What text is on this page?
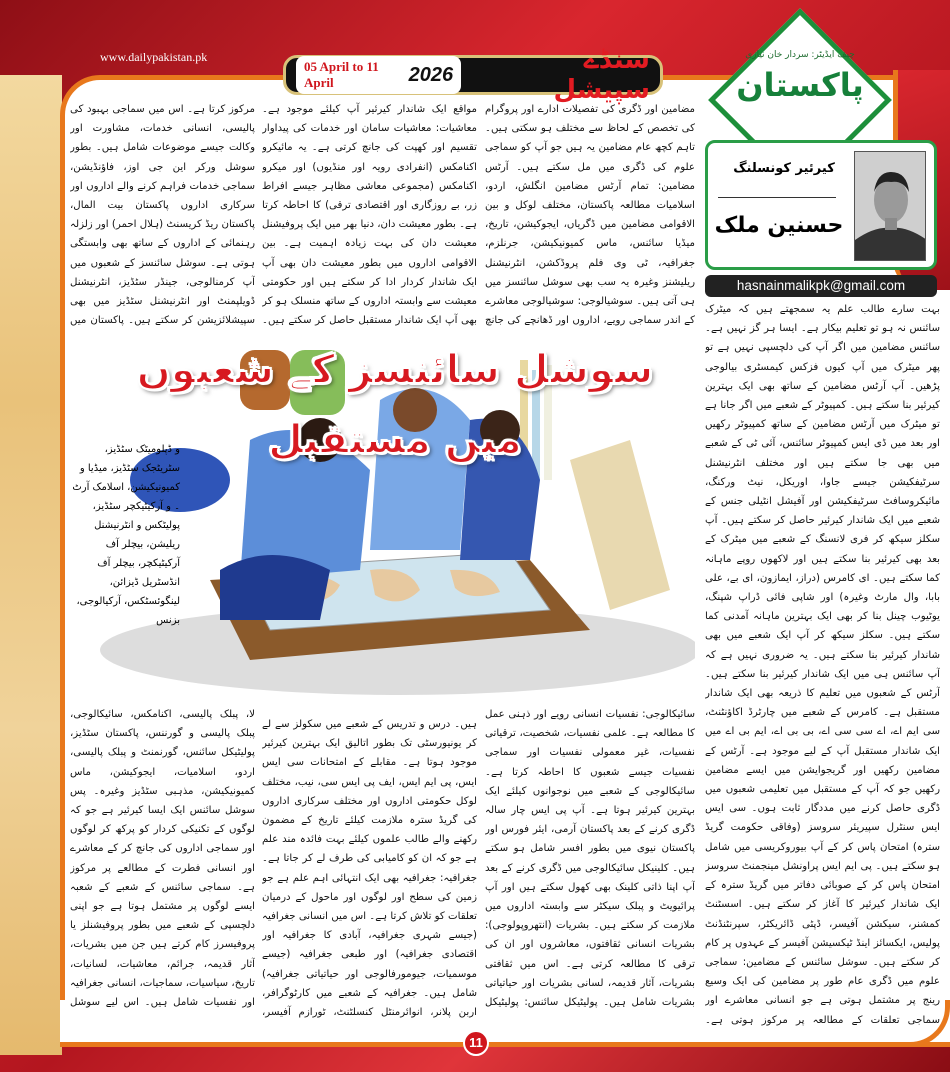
www.dailypakistan.pk
05 April to 11 April	2026	سنڈے سپیشل
چیف ایڈیٹر: سردار خان نیازی
پاکستان
کیرئیر کونسلنگ
حسنین ملک
hasnainmalikpk@gmail.com
بہت سارے طالب علم یہ سمجھتے ہیں کہ میٹرک سائنس نہ ہو تو تعلیم بیکار ہے۔ ایسا ہر گز نہیں ہے۔ سائنس مضامین میں اگر آپ کی دلچسپی نہیں ہے تو پھر میٹرک میں آپ کیوں فزکس کیمسٹری بیالوجی پڑھیں۔ آپ آرٹس مضامین کے ساتھ بھی ایک بہترین کیرئیر بنا سکتے ہیں۔ کمپیوٹر کے شعبے میں اگر جانا ہے تو میٹرک میں آرٹس مضامین کے ساتھ کمپیوٹر رکھیں اور بعد میں ڈی ایس کمپیوٹر سائنس، آئی ٹی کے شعبے میں بھی جا سکتے ہیں اور مختلف انٹرنیشنل سرٹیفکیشن جیسے جاوا، اوریکل، نیٹ ورکنگ، مائیکروسافٹ سرٹیفکیشن اور آفیشل انٹیلی جنس کے شعبے میں ایک شاندار کیرئیر حاصل کر سکتے ہیں۔ آپ سکلز سیکھ کر فری لانسنگ کے شعبے میں میٹرک کے بعد بھی کیرئیر بنا سکتے ہیں اور لاکھوں روپے ماہانہ کما سکتے ہیں۔ ای کامرس (دراز، ایمازون، ای بے، علی بابا، وال مارٹ وغیرہ) اور شاپی فائی ڈراپ شپنگ، یوٹیوب چینل بنا کر بھی ایک بہترین ماہانہ آمدنی کما سکتے ہیں۔ سکلز سیکھ کر آپ ایک شعبے میں بھی شاندار کیرئیر بنا سکتے ہیں۔ یہ ضروری نہیں ہے کہ آپ سائنس ہی میں ایک شاندار کیرئیر بنا سکتے ہیں۔ آرٹس کے شعبوں میں تعلیم کا ذریعہ بھی ایک شاندار مستقبل ہے۔ کامرس کے شعبے میں چارٹرڈ اکاؤنٹنٹ، سی ایم اے، اے سی سی اے، بی بی اے، ایم بی اے میں ایک شاندار مستقبل آپ کے لیے موجود ہے۔ آرٹس کے مضامین رکھیں اور گریجوایشن میں ایسے مضامین رکھیں جو کہ آپ کے مستقبل میں تعلیمی شعبوں میں ڈگری حاصل کرنے میں مددگار ثابت ہوں۔ سی ایس ایس سنٹرل سپیریئر سروسز (وفاقی حکومت گریڈ سترہ) امتحان پاس کر کے آپ بیوروکریسی میں شامل ہو سکتے ہیں۔ پی ایم ایس پراونشل مینجمنٹ سروسز امتحان پاس کر کے صوبائی دفاتر میں گریڈ سترہ کے ایک شاندار کیرئیر کا آغاز کر سکتے ہیں۔ اسسٹنٹ کمشنر، سیکشن آفیسر، ڈپٹی ڈائریکٹر، سپرنٹنڈنٹ پولیس، ایکسائز اینڈ ٹیکسیشن آفیسر کے عہدوں پر کام کر سکتے ہیں۔ سوشل سائنس کے مضامین: سماجی علوم میں ڈگری عام طور پر مضامین کی ایک وسیع رینج پر مشتمل ہوتی ہے جو انسانی معاشرے اور سماجی تعلقات کے مطالعہ پر مرکوز ہوتی ہے۔
مضامین اور ڈگری کی تفصیلات ادارے اور پروگرام کی تخصص کے لحاظ سے مختلف ہو سکتی ہیں۔ تاہم کچھ عام مضامین یہ ہیں جو آپ کو سماجی علوم کی ڈگری میں مل سکتے ہیں۔ آرٹس مضامین: تمام آرٹس مضامین انگلش، اردو، اسلامیات مطالعہ پاکستان، مختلف لوکل و بین الاقوامی مضامین میں ڈگریاں، ایجوکیشن، تاریخ، میڈیا سائنس، ماس کمیونیکیشن، جرنلزم، جغرافیہ، ٹی وی فلم پروڈکشن، انٹرنیشنل ریلیشنز وغیرہ یہ سب بھی سوشل سائنسز میں ہی آتی ہیں۔ سوشیالوجی: سوشیالوجی معاشرے کے اندر سماجی رویے، اداروں اور ڈھانچے کی جانچ
مواقع ایک شاندار کیرئیر آپ کیلئے موجود ہے۔ معاشیات: معاشیات سامان اور خدمات کی پیداوار تقسیم اور کھپت کی جانچ کرتی ہے۔ یہ مائیکرو اکنامکس (انفرادی رویہ اور منڈیوں) اور میکرو اکنامکس (مجموعی معاشی مظاہر جیسے افراط زر، بے روزگاری اور اقتصادی ترقی) کا احاطہ کرتا ہے۔ بطور معیشت دان، دنیا بھر میں ایک پروفیشنل معیشت دان کی بہت زیادہ اہمیت ہے۔ بین الاقوامی اداروں میں بطور معیشت دان بھی آپ ایک شاندار کردار ادا کر سکتے ہیں اور حکومتی معیشت سے وابستہ اداروں کے ساتھ منسلک ہو کر بھی آپ ایک شاندار مستقبل حاصل کر سکتے ہیں۔
مرکوز کرتا ہے۔ اس میں سماجی بہبود کی پالیسی، انسانی خدمات، مشاورت اور وکالت جیسے موضوعات شامل ہیں۔ بطور سوشل ورکر این جی اوز، فاؤنڈیشن، سماجی خدمات فراہم کرنے والے اداروں اور سرکاری اداروں پاکستان بیت المال، پاکستان ریڈ کریسنٹ (ہلال احمر) اور زلزلہ رہنمائی کے اداروں کے ساتھ بھی وابستگی ہوتی ہے۔ سوشل سائنسز کے شعبوں میں آپ کرمنالوجی، جینڈر سٹڈیز، انٹرنیشنل ڈویلپمنٹ اور انٹرنیشنل سٹڈیز میں بھی سپیشلائزیشن کر سکتے ہیں۔ پاکستان میں
سوشل سائنسز کے شعبوں میں مستقبل
و ڈپلومیٹک سٹڈیز، سٹریٹجک سٹڈیز، میڈیا و کمیونیکیشن، اسلامک آرٹ ۔ و آرکیٹیکچر سٹڈیز، پولیٹکس و انٹرنیشنل ریلیشن، بیچلر آف آرکیٹیکچر، بیچلر آف انڈسٹریل ڈیزائن، لینگوئسٹکس، آرکیالوجی، بزنس
سائیکالوجی: نفسیات انسانی رویے اور ذہنی عمل کا مطالعہ ہے۔ علمی نفسیات، شخصیت، ترقیاتی نفسیات، غیر معمولی نفسیات اور سماجی نفسیات جیسے شعبوں کا احاطہ کرتا ہے۔ سائیکالوجی کے شعبے میں نوجوانوں کیلئے ایک بہترین کیرئیر ہوتا ہے۔ آپ پی ایس چار سالہ ڈگری کرنے کے بعد پاکستان آرمی، ایئر فورس اور پاکستان نیوی میں بطور افسر شامل ہو سکتے ہیں۔ کلینیکل سائیکالوجی میں ڈگری کرنے کے بعد آپ اپنا ذاتی کلینک بھی کھول سکتے ہیں اور آپ پرائیویٹ و پبلک سیکٹر سے وابستہ اداروں میں ملازمت کر سکتے ہیں۔ بشریات (انتھروپولوجی): بشریات انسانی ثقافتوں، معاشروں اور ان کی ترقی کا مطالعہ کرتی ہے۔ اس میں ثقافتی بشریات، آثار قدیمہ، لسانی بشریات اور حیاتیاتی بشریات شامل ہیں۔ پولیٹیکل سائنس: پولیٹیکل
ہیں۔ درس و تدریس کے شعبے میں سکولز سے لے کر یونیورسٹی تک بطور اتالیق ایک بہترین کیرئیر موجود ہوتا ہے۔ مقابلے کے امتحانات سی ایس ایس، پی ایم ایس، ایف پی ایس سی، نیب، مختلف لوکل حکومتی اداروں اور مختلف سرکاری اداروں کی گریڈ سترہ ملازمت کیلئے تاریخ کے مضمون رکھنے والے طالب علموں کیلئے بہت فائدہ مند علم ہے جو کہ ان کو کامیابی کی طرف لے کر جاتا ہے۔ جغرافیہ: جغرافیہ بھی ایک انتہائی اہم علم ہے جو زمین کی سطح اور لوگوں اور ماحول کے درمیان تعلقات کو تلاش کرتا ہے۔ اس میں انسانی جغرافیہ (جیسے شہری جغرافیہ، آبادی کا جغرافیہ اور اقتصادی جغرافیہ) اور طبعی جغرافیہ (جیسے موسمیات، جیومورفالوجی اور حیاتیاتی جغرافیہ) شامل ہیں۔ جغرافیہ کے شعبے میں کارٹوگرافر، اربن پلانر، انوائرمنٹل کنسلٹنٹ، ٹورازم آفیسر،
لا، پبلک پالیسی، اکنامکس، سائیکالوجی، پبلک پالیسی و گورننس، پاکستان سٹڈیز، پولیٹیکل سائنس، گورنمنٹ و پبلک پالیسی، اردو، اسلامیات، ایجوکیشن، ماس کمیونیکیشن، مذہبی سٹڈیز وغیرہ۔ پس سوشل سائنس ایک ایسا کیرئیر ہے جو کہ لوگوں کے تکنیکی کردار کو پرکھ کر لوگوں اور سماجی اداروں کی جانچ کر کے معاشرے اور انسانی فطرت کے مطالعے پر مرکوز ہے۔ سماجی سائنس کے شعبے کے شعبہ ایسے لوگوں پر مشتمل ہوتا ہے جو اپنی دلچسپی کے شعبے میں بطور پروفیشنلز یا پروفیسرز کام کرتے ہیں جن میں بشریات، آثار قدیمہ، جرائم، معاشیات، لسانیات، تاریخ، سیاسیات، سماجیات، انسانی جغرافیہ اور نفسیات شامل ہیں۔ اس لیے سوشل
11
